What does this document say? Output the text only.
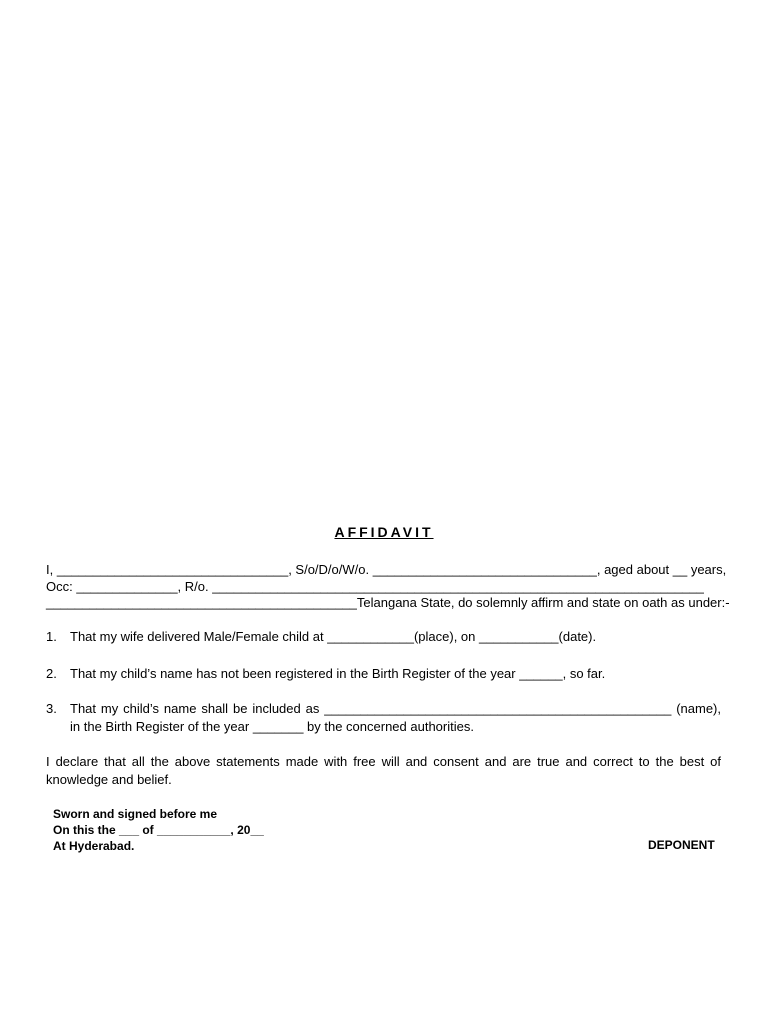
AFFIDAVIT
I, ________________________________, S/o/D/o/W/o. _______________________________, aged about __ years,
Occ: ______________, R/o. ____________________________________________________________________
___________________________________________Telangana State, do solemnly affirm and state on oath as under:-
1. That my wife delivered Male/Female child at ____________(place), on ___________(date).
2. That my child’s name has not been registered in the Birth Register of the year ______, so far.
3. That my child’s name shall be included as ________________________________________________ (name),
in the Birth Register of the year _______ by the concerned authorities.
I declare that all the above statements made with free will and consent and are true and correct to the best of knowledge and belief.
Sworn and signed before me
On this the ___ of ___________, 20__
At Hyderabad.	DEPONENT
